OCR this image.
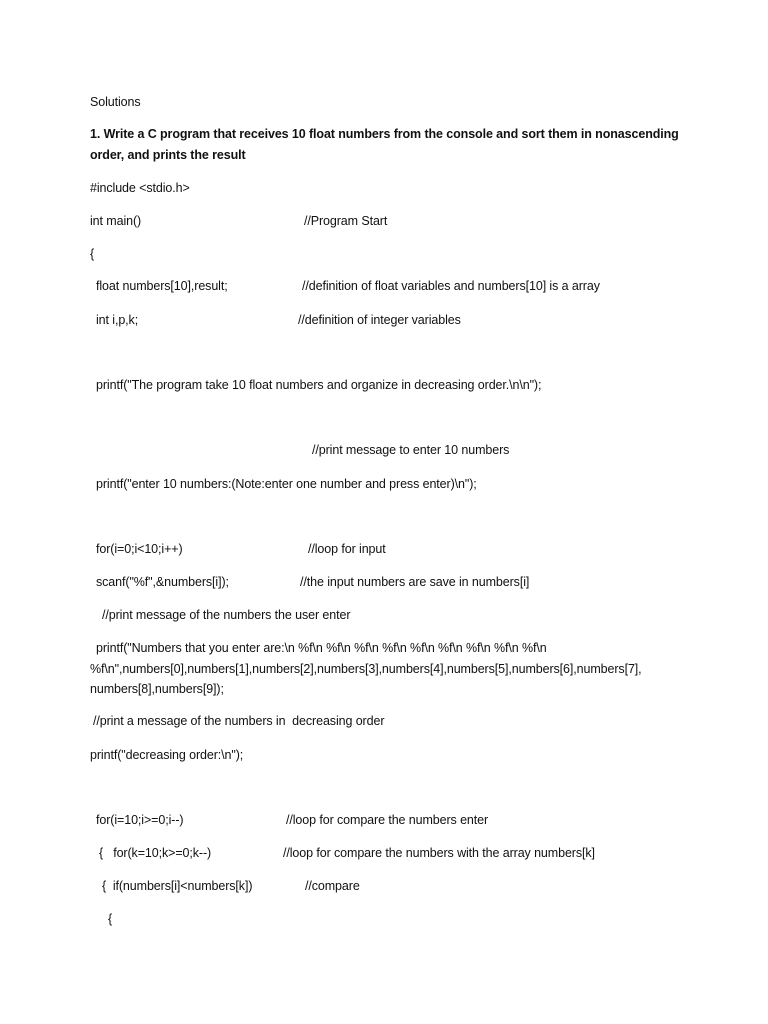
Solutions
1. Write a C program that receives 10 float numbers from the console and sort them in nonascending
order, and prints the result
#include <stdio.h>
int main()	//Program Start
{
float numbers[10],result;	//definition of float variables and numbers[10] is a array
int i,p,k;	//definition of integer variables
printf("The program take 10 float numbers and organize in decreasing order.\n\n");
//print message to enter 10 numbers
printf("enter 10 numbers:(Note:enter one number and press enter)\n");
for(i=0;i<10;i++)	//loop for input
scanf("%f",&numbers[i]);	//the input numbers are save in numbers[i]
//print message of the numbers the user enter
printf("Numbers that you enter are:\n %f\n %f\n %f\n %f\n %f\n %f\n %f\n %f\n %f\n
%f\n",numbers[0],numbers[1],numbers[2],numbers[3],numbers[4],numbers[5],numbers[6],numbers[7],
numbers[8],numbers[9]);
//print a message of the numbers in  decreasing order
printf("decreasing order:\n");
for(i=10;i>=0;i--)	//loop for compare the numbers enter
{   for(k=10;k>=0;k--)	//loop for compare the numbers with the array numbers[k]
{  if(numbers[i]<numbers[k])	//compare
{
